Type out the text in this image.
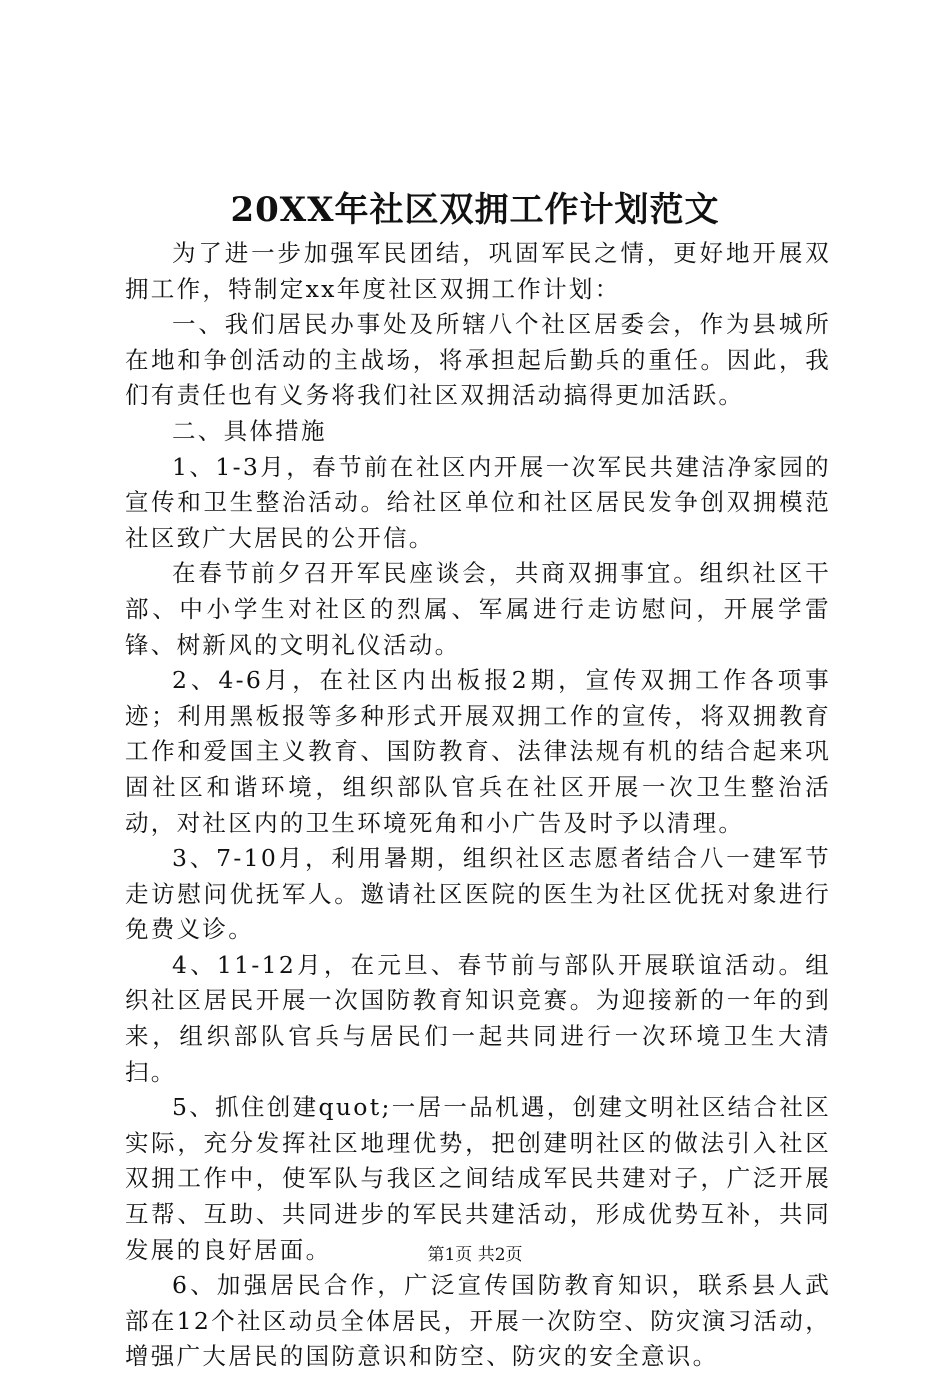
20XX年社区双拥工作计划范文

为了进一步加强军民团结，巩固军民之情，更好地开展双拥工作，特制定xx年度社区双拥工作计划：

一、我们居民办事处及所辖八个社区居委会，作为县城所在地和争创活动的主战场，将承担起后勤兵的重任。因此，我们有责任也有义务将我们社区双拥活动搞得更加活跃。

二、具体措施

1、1-3月，春节前在社区内开展一次军民共建洁净家园的宣传和卫生整治活动。给社区单位和社区居民发争创双拥模范社区致广大居民的公开信。

在春节前夕召开军民座谈会，共商双拥事宜。组织社区干部、中小学生对社区的烈属、军属进行走访慰问，开展学雷锋、树新风的文明礼仪活动。

2、4-6月，在社区内出板报2期，宣传双拥工作各项事迹；利用黑板报等多种形式开展双拥工作的宣传，将双拥教育工作和爱国主义教育、国防教育、法律法规有机的结合起来巩固社区和谐环境，组织部队官兵在社区开展一次卫生整治活动，对社区内的卫生环境死角和小广告及时予以清理。

3、7-10月，利用暑期，组织社区志愿者结合八一建军节走访慰问优抚军人。邀请社区医院的医生为社区优抚对象进行免费义诊。

4、11-12月，在元旦、春节前与部队开展联谊活动。组织社区居民开展一次国防教育知识竞赛。为迎接新的一年的到来，组织部队官兵与居民们一起共同进行一次环境卫生大清扫。

5、抓住创建quot;一居一品机遇，创建文明社区结合社区实际，充分发挥社区地理优势，把创建明社区的做法引入社区双拥工作中，使军队与我区之间结成军民共建对子，广泛开展互帮、互助、共同进步的军民共建活动，形成优势互补，共同发展的良好居面。

6、加强居民合作，广泛宣传国防教育知识，联系县人武部在12个社区动员全体居民，开展一次防空、防灾演习活动，增强广大居民的国防意识和防空、防灾的安全意识。

第1页 共2页
